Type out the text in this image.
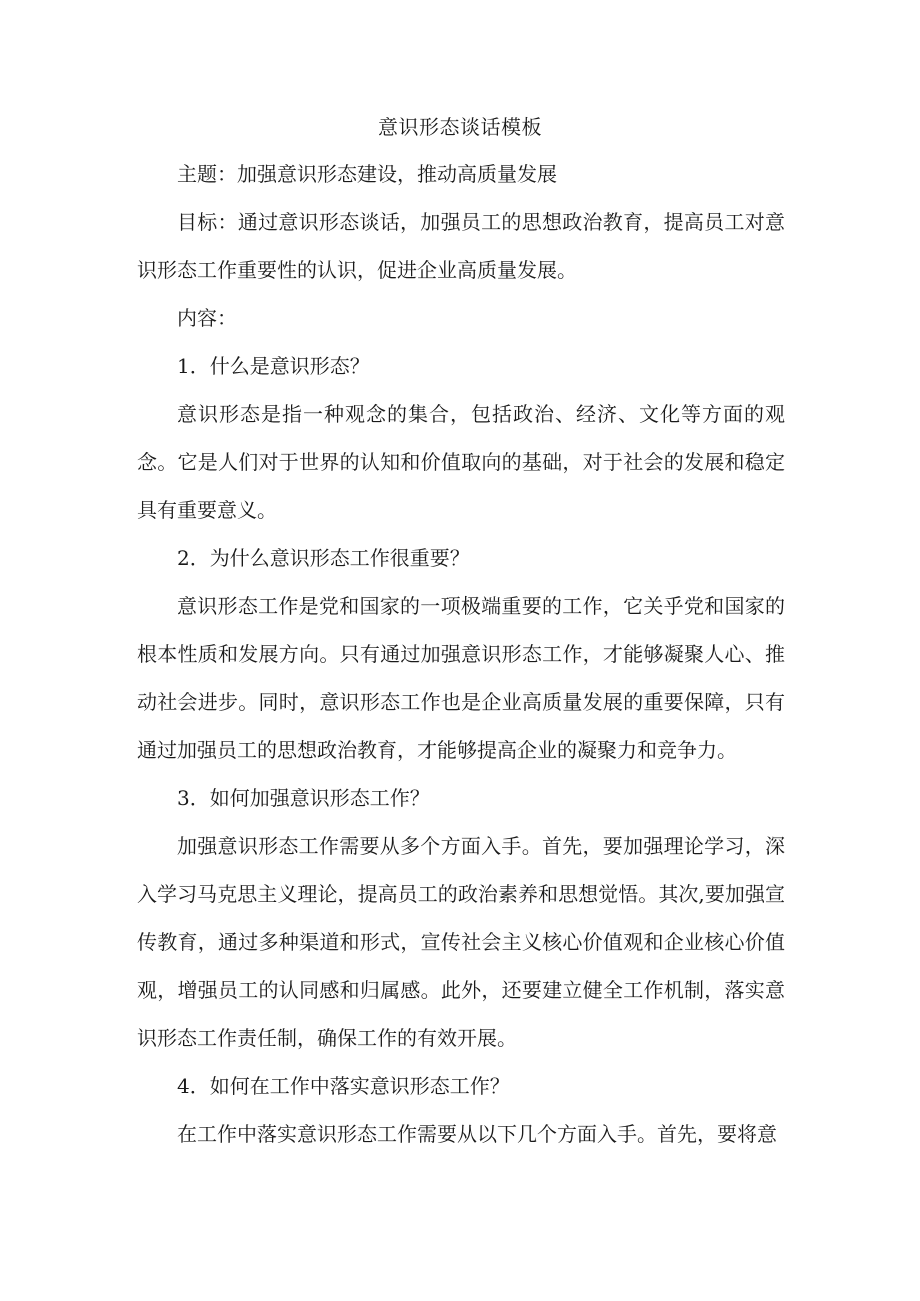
意识形态谈话模板

主题：加强意识形态建设，推动高质量发展

目标：通过意识形态谈话，加强员工的思想政治教育，提高员工对意识形态工作重要性的认识，促进企业高质量发展。

内容：

1．什么是意识形态？

意识形态是指一种观念的集合，包括政治、经济、文化等方面的观念。它是人们对于世界的认知和价值取向的基础，对于社会的发展和稳定具有重要意义。

2．为什么意识形态工作很重要？

意识形态工作是党和国家的一项极端重要的工作，它关乎党和国家的根本性质和发展方向。只有通过加强意识形态工作，才能够凝聚人心、推动社会进步。同时，意识形态工作也是企业高质量发展的重要保障，只有通过加强员工的思想政治教育，才能够提高企业的凝聚力和竞争力。

3．如何加强意识形态工作？

加强意识形态工作需要从多个方面入手。首先，要加强理论学习，深入学习马克思主义理论，提高员工的政治素养和思想觉悟。其次,要加强宣传教育，通过多种渠道和形式，宣传社会主义核心价值观和企业核心价值观，增强员工的认同感和归属感。此外，还要建立健全工作机制，落实意识形态工作责任制，确保工作的有效开展。

4．如何在工作中落实意识形态工作？

在工作中落实意识形态工作需要从以下几个方面入手。首先，要将意
